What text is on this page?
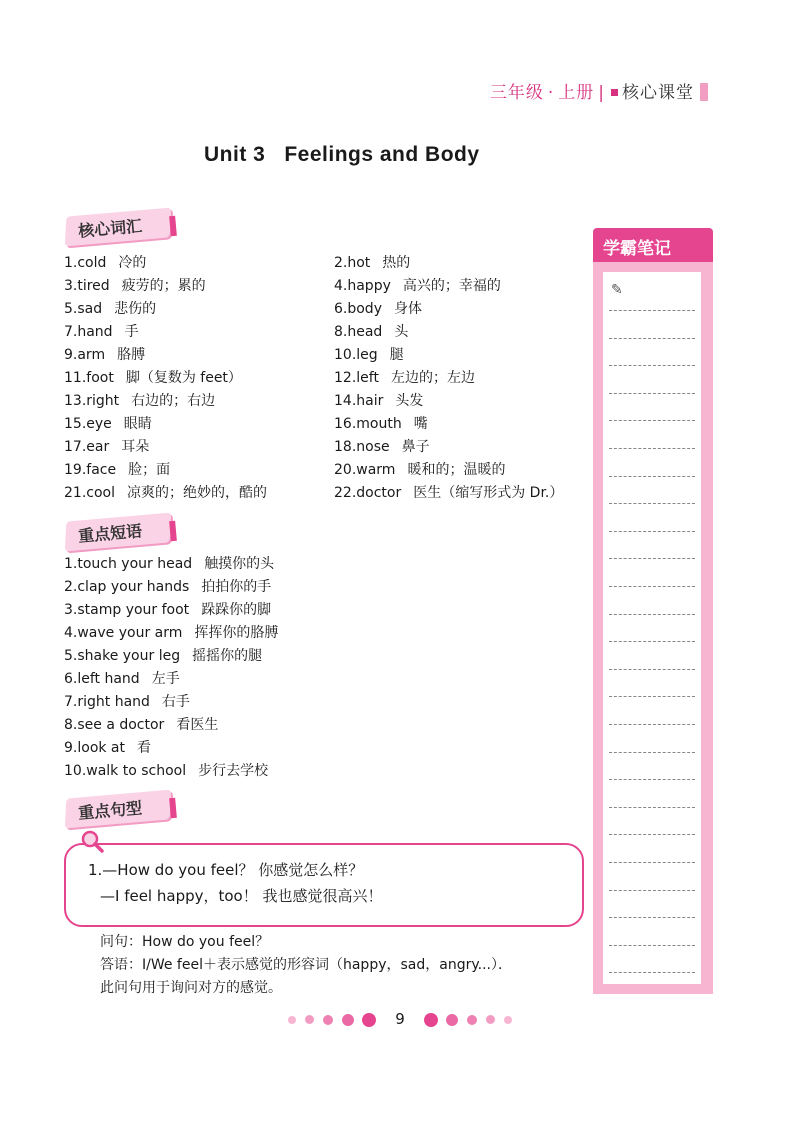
三年级 · 上册 | 核心课堂
Unit 3   Feelings and Body
核心词汇
1.cold 冷的
3.tired 疲劳的；累的
5.sad 悲伤的
7.hand 手
9.arm 胳膊
11.foot 脚（复数为 feet）
13.right 右边的；右边
15.eye 眼睛
17.ear 耳朵
19.face 脸；面
21.cool 凉爽的；绝妙的，酷的
2.hot 热的
4.happy 高兴的；幸福的
6.body 身体
8.head 头
10.leg 腿
12.left 左边的；左边
14.hair 头发
16.mouth 嘴
18.nose 鼻子
20.warm 暖和的；温暖的
22.doctor 医生（缩写形式为 Dr.）
重点短语
1.touch your head 触摸你的头
2.clap your hands 拍拍你的手
3.stamp your foot 跺跺你的脚
4.wave your arm 挥挥你的胳膊
5.shake your leg 摇摇你的腿
6.left hand 左手
7.right hand 右手
8.see a doctor 看医生
9.look at 看
10.walk to school 步行去学校
重点句型
1.—How do you feel？ 你感觉怎么样？
—I feel happy，too！ 我也感觉很高兴！
问句：How do you feel？
答语：I/We feel＋表示感觉的形容词（happy，sad，angry...）．
此问句用于询问对方的感觉。
学霸笔记
✎
9
